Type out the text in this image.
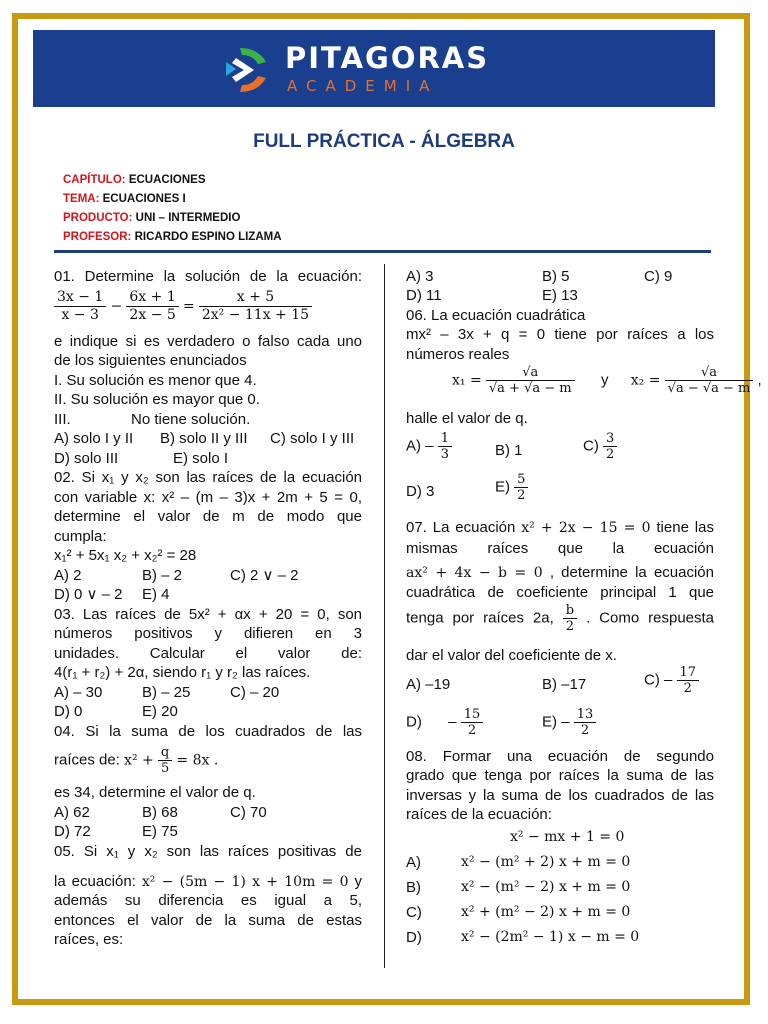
PITAGORAS
ACADEMIA
FULL PRÁCTICA - ÁLGEBRA
CAPÍTULO: ECUACIONES
TEMA: ECUACIONES I
PRODUCTO: UNI – INTERMEDIO
PROFESOR: RICARDO ESPINO LIZAMA
01. Determine la solución de la ecuación:
$\frac{3x - 1}{x - 3} - \frac{6x + 1}{2x - 5} = \frac{x + 5}{\text{2x² − 11x + 15}}$
e indique si es verdadero o falso cada uno
de los siguientes enunciados
I. Su solución es menor que 4.
II. Su solución es mayor que 0.
III.	No tiene solución.
A) solo I y II B) solo II y III C) solo I y III
D) solo III	E) solo I
02. Si x₁ y x₂ son las raíces de la ecuación
con variable x: x² – (m – 3)x + 2m + 5 = 0,
determine el valor de m de modo que
cumpla:
x₁² + 5x₁ x₂ + x₂² = 28
A) 2	B) – 2	C) 2 ∨ – 2
D) 0 ∨ – 2 E) 4
03. Las raíces de 5x² + αx + 20 = 0, son
números positivos y difieren en 3
unidades. Calcular el valor de:
4(r₁ + r₂) + 2α, siendo r₁ y r₂ las raíces.
A) – 30	B) – 25	C) – 20
D) 0	E) 20
04. Si la suma de los cuadrados de las
raíces de: $x^2 + \frac{q}{5} = 8x$ .
es 34, determine el valor de q.
A) 62	B) 68	C) 70
D) 72	E) 75
05. Si x₁ y x₂ son las raíces positivas de
la ecuación: x² − (5m − 1) x + 10m = 0 y
además su diferencia es igual a 5,
entonces el valor de la suma de estas
raíces, es:
A) 3	B) 5	C) 9
D) 11	E) 13
06. La ecuación cuadrática
mx² – 3x + q = 0 tiene por raíces a los
números reales
$x_1 = \frac{√a}{√a + √a - m}$ y $x_2 = \frac{√a}{√a - √a - m}$ ,
halle el valor de q.
$A) - \frac{1}{3}$	B) 1	$C) \frac{3}{2}$
D) 3	$E) \frac{5}{2}$
07. La ecuación x² + 2x − 15 = 0 tiene las
mismas raíces que la ecuación
ax² + 4x − b = 0 , determine la ecuación
cuadrática de coeficiente principal 1 que
tenga por raíces 2a, $\frac{b}{2}$ . Como respuesta
dar el valor del coeficiente de x.
A) –19	B) –17	$C) - \frac{17}{2}$
$D) - \frac{15}{2}$	$E) - \frac{13}{2}$
08. Formar una ecuación de segundo
grado que tenga por raíces la suma de las
inversas y la suma de los cuadrados de las
raíces de la ecuación:
x² − mx + 1 = 0
A)	x² − (m² + 2) x + m = 0
B)	x² − (m² − 2) x + m = 0
C)	x² + (m² − 2) x + m = 0
D)	x² − (2m² − 1) x − m = 0
